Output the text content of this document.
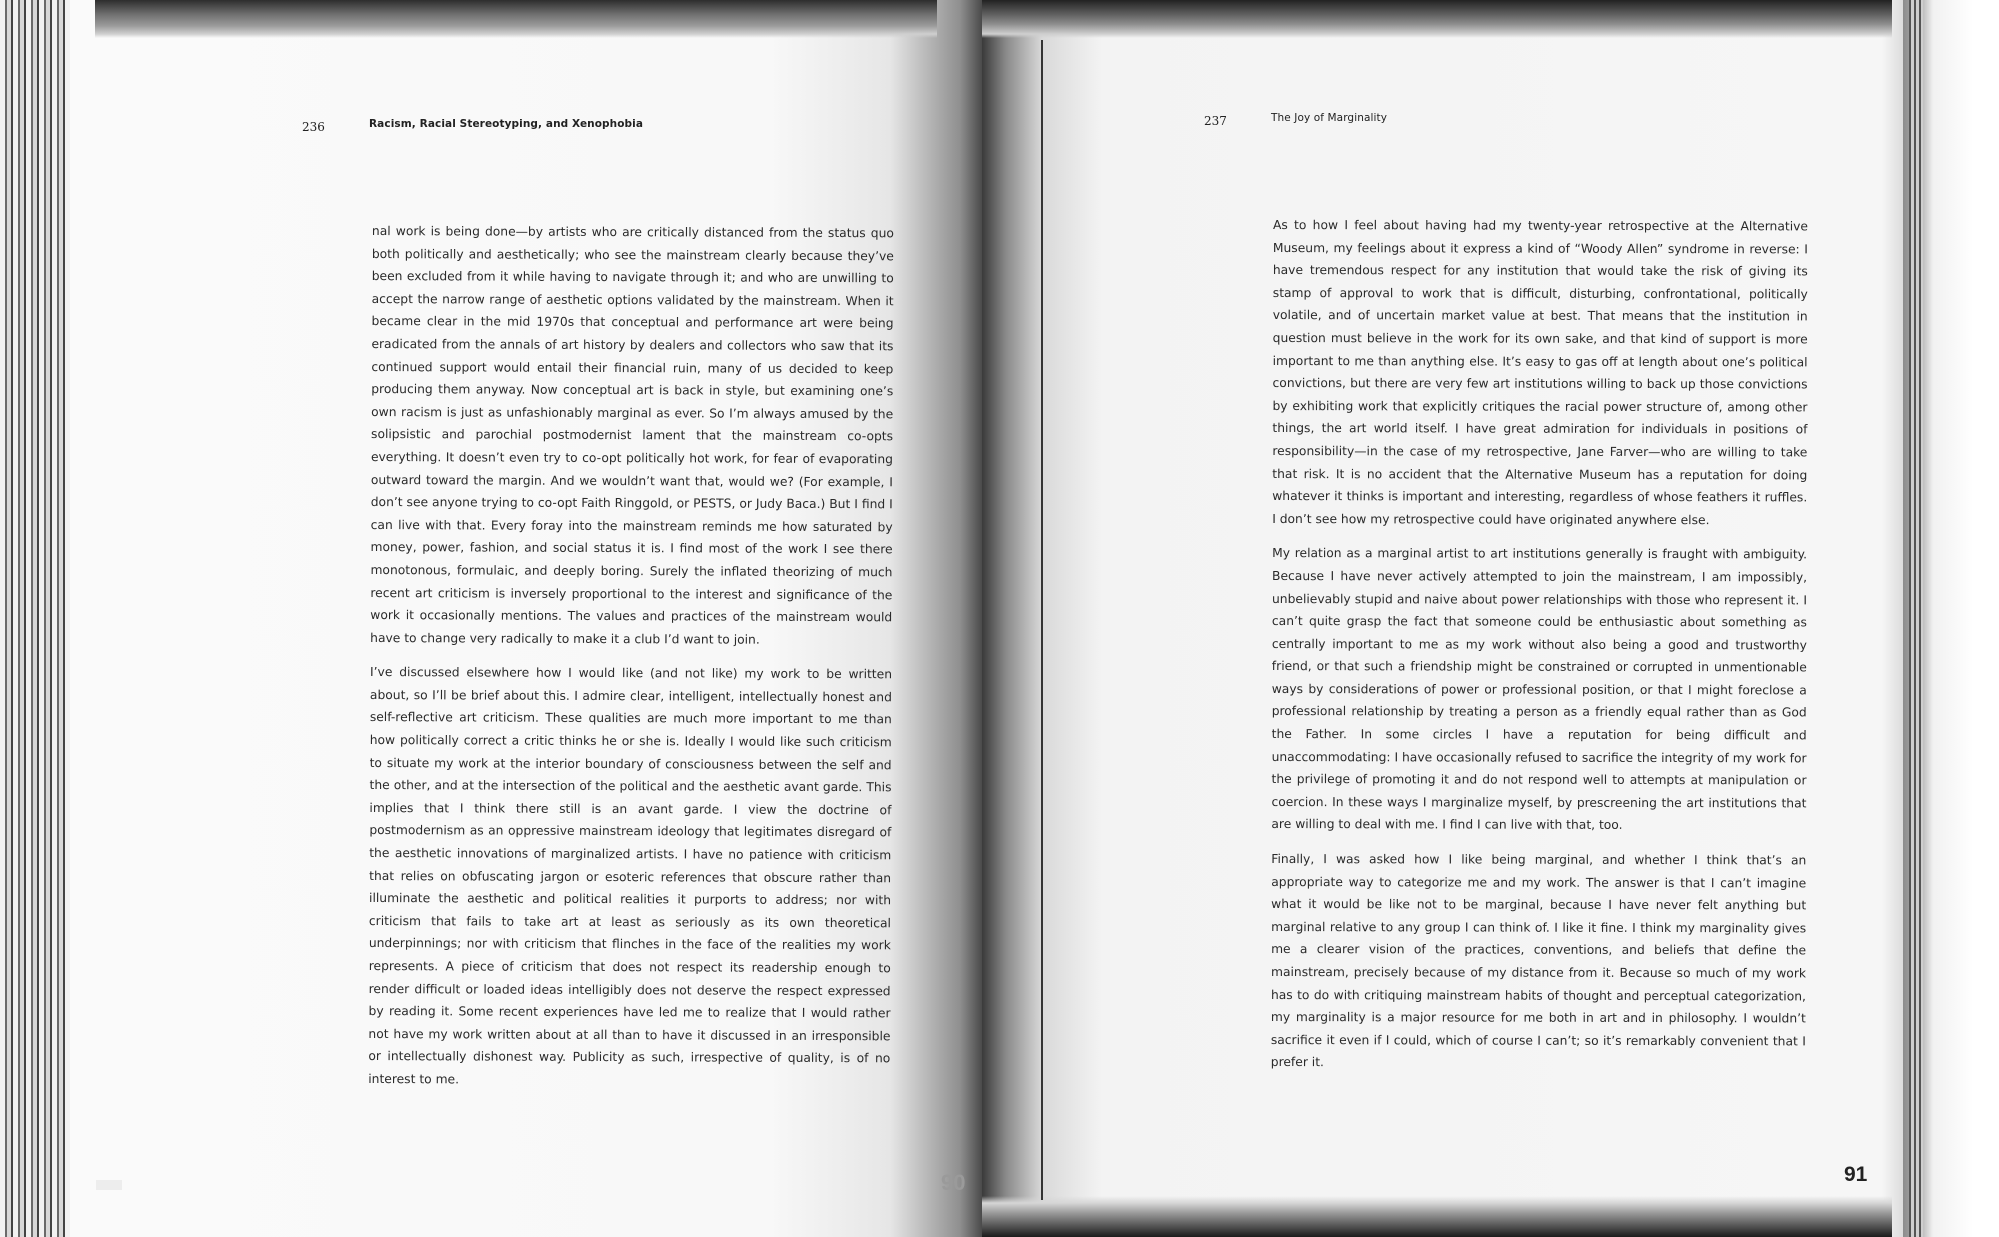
236	Racism, Racial Stereotyping, and Xenophobia	237	The Joy of Marginality

nal work is being done—by artists who are critically distanced from the status quo both politically and aesthetically; who see the mainstream clearly because they’ve been excluded from it while having to navigate through it; and who are unwilling to accept the narrow range of aesthetic options validated by the mainstream. When it became clear in the mid 1970s that conceptual and performance art were being eradicated from the annals of art history by dealers and collectors who saw that its continued support would entail their financial ruin, many of us decided to keep producing them anyway. Now conceptual art is back in style, but examining one’s own racism is just as unfashionably marginal as ever. So I’m always amused by the solipsistic and parochial postmodernist lament that the mainstream co-opts everything. It doesn’t even try to co-opt politically hot work, for fear of evaporating outward toward the margin. And we wouldn’t want that, would we? (For example, I don’t see anyone trying to co-opt Faith Ringgold, or PESTS, or Judy Baca.) But I find I can live with that. Every foray into the mainstream reminds me how saturated by money, power, fashion, and social status it is. I find most of the work I see there monotonous, formulaic, and deeply boring. Surely the inflated theorizing of much recent art criticism is inversely proportional to the interest and significance of the work it occasionally mentions. The values and practices of the mainstream would have to change very radically to make it a club I’d want to join.

I’ve discussed elsewhere how I would like (and not like) my work to be written about, so I’ll be brief about this. I admire clear, intelligent, intellectually honest and self-reflective art criticism. These qualities are much more important to me than how politically correct a critic thinks he or she is. Ideally I would like such criticism to situate my work at the interior boundary of consciousness between the self and the other, and at the intersection of the political and the aesthetic avant garde. This implies that I think there still is an avant garde. I view the doctrine of postmodernism as an oppressive mainstream ideology that legitimates disregard of the aesthetic innovations of marginalized artists. I have no patience with criticism that relies on obfuscating jargon or esoteric references that obscure rather than illuminate the aesthetic and political realities it purports to address; nor with criticism that fails to take art at least as seriously as its own theoretical underpinnings; nor with criticism that flinches in the face of the realities my work represents. A piece of criticism that does not respect its readership enough to render difficult or loaded ideas intelligibly does not deserve the respect expressed by reading it. Some recent experiences have led me to realize that I would rather not have my work written about at all than to have it discussed in an irresponsible or intellectually dishonest way. Publicity as such, irrespective of quality, is of no interest to me.

As to how I feel about having had my twenty-year retrospective at the Alternative Museum, my feelings about it express a kind of “Woody Allen” syndrome in reverse: I have tremendous respect for any institution that would take the risk of giving its stamp of approval to work that is difficult, disturbing, confrontational, politically volatile, and of uncertain market value at best. That means that the institution in question must believe in the work for its own sake, and that kind of support is more important to me than anything else. It’s easy to gas off at length about one’s political convictions, but there are very few art institutions willing to back up those convictions by exhibiting work that explicitly critiques the racial power structure of, among other things, the art world itself. I have great admiration for individuals in positions of responsibility—in the case of my retrospective, Jane Farver—who are willing to take that risk. It is no accident that the Alternative Museum has a reputation for doing whatever it thinks is important and interesting, regardless of whose feathers it ruffles. I don’t see how my retrospective could have originated anywhere else.

My relation as a marginal artist to art institutions generally is fraught with ambiguity. Because I have never actively attempted to join the mainstream, I am impossibly, unbelievably stupid and naive about power relationships with those who represent it. I can’t quite grasp the fact that someone could be enthusiastic about something as centrally important to me as my work without also being a good and trustworthy friend, or that such a friendship might be constrained or corrupted in unmentionable ways by considerations of power or professional position, or that I might foreclose a professional relationship by treating a person as a friendly equal rather than as God the Father. In some circles I have a reputation for being difficult and unaccommodating: I have occasionally refused to sacrifice the integrity of my work for the privilege of promoting it and do not respond well to attempts at manipulation or coercion. In these ways I marginalize myself, by prescreening the art institutions that are willing to deal with me. I find I can live with that, too.

Finally, I was asked how I like being marginal, and whether I think that’s an appropriate way to categorize me and my work. The answer is that I can’t imagine what it would be like not to be marginal, because I have never felt anything but marginal relative to any group I can think of. I like it fine. I think my marginality gives me a clearer vision of the practices, conventions, and beliefs that define the mainstream, precisely because of my distance from it. Because so much of my work has to do with critiquing mainstream habits of thought and perceptual categorization, my marginality is a major resource for me both in art and in philosophy. I wouldn’t sacrifice it even if I could, which of course I can’t; so it’s remarkably convenient that I prefer it.

90	91
